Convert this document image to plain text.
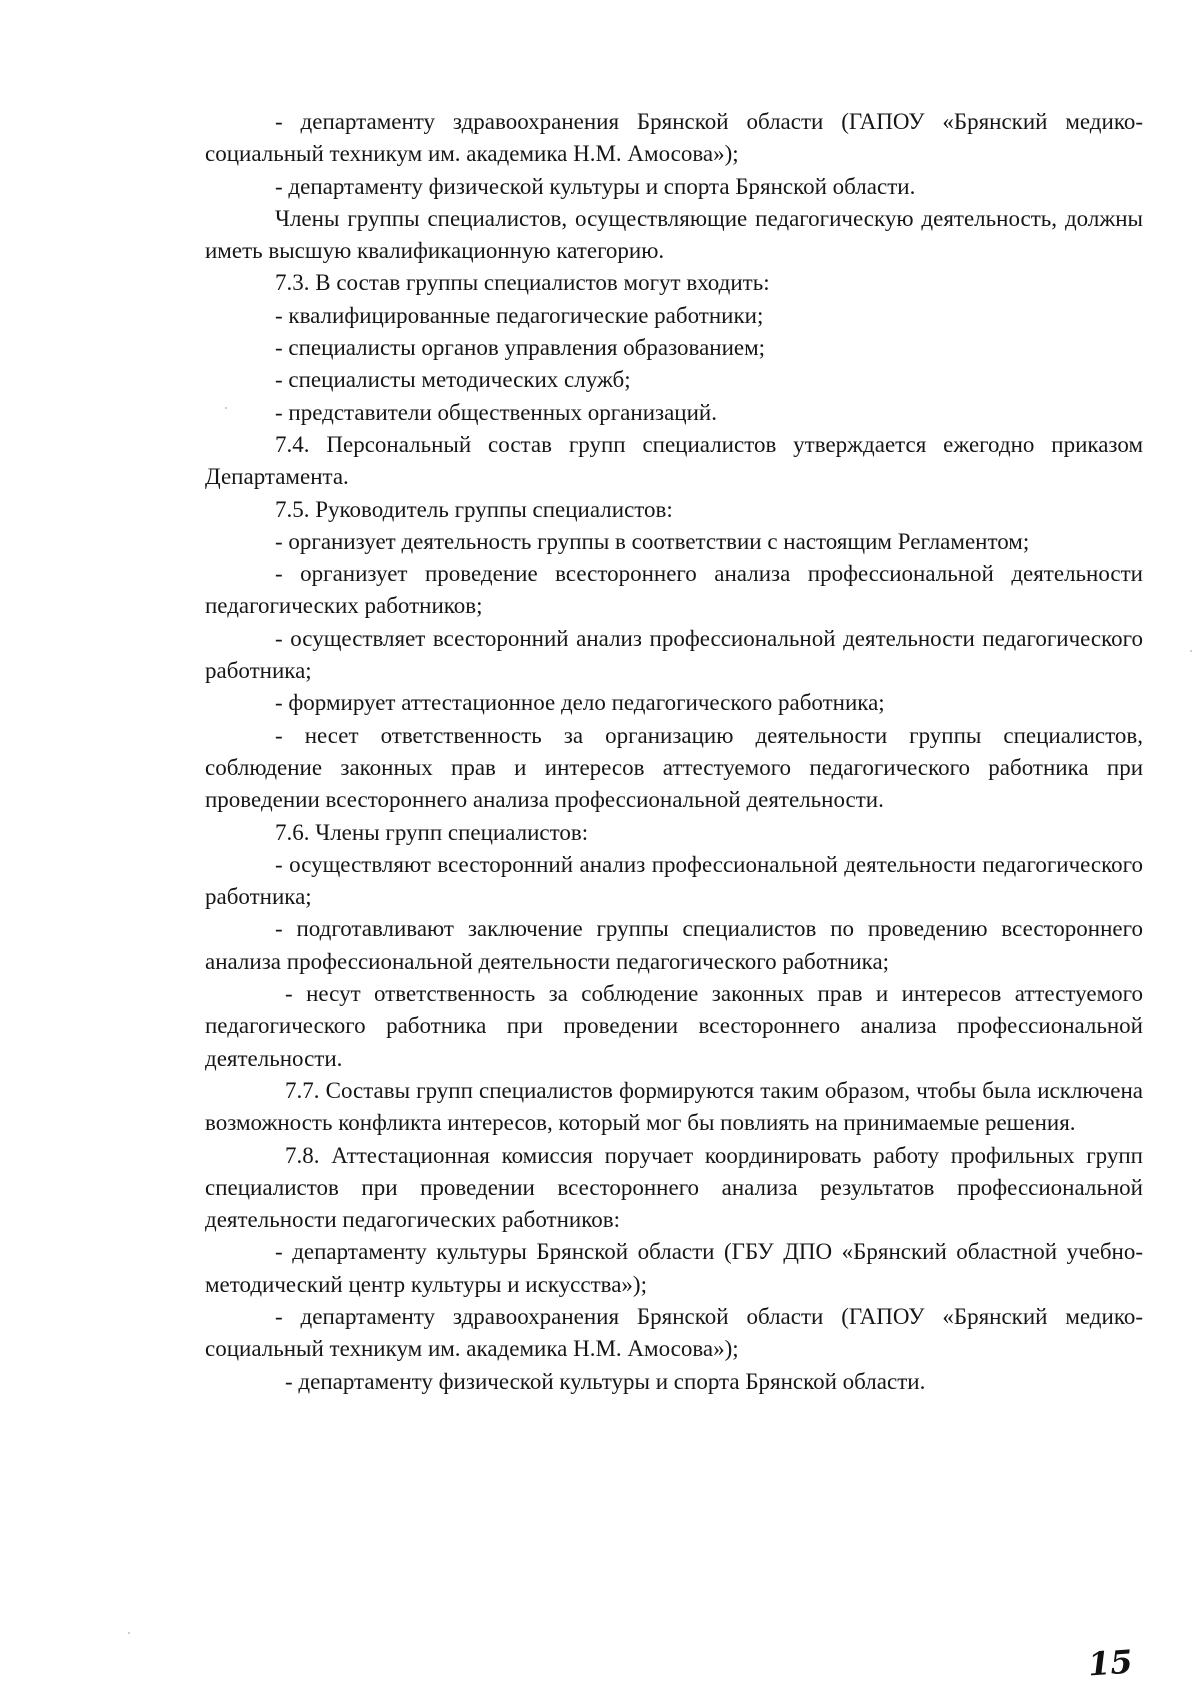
- департаменту здравоохранения Брянской области (ГАПОУ «Брянский медико-социальный техникум им. академика Н.М. Амосова»);

- департаменту физической культуры и спорта Брянской области.

Члены группы специалистов, осуществляющие педагогическую деятельность, должны иметь высшую квалификационную категорию.

7.3. В состав группы специалистов могут входить:

- квалифицированные педагогические работники;

- специалисты органов управления образованием;

- специалисты методических служб;

- представители общественных организаций.

7.4. Персональный состав групп специалистов утверждается ежегодно приказом Департамента.

7.5. Руководитель группы специалистов:

- организует деятельность группы в соответствии с настоящим Регламентом;

- организует проведение всестороннего анализа профессиональной деятельности педагогических работников;

- осуществляет всесторонний анализ профессиональной деятельности педагогического работника;

- формирует аттестационное дело педагогического работника;

- несет ответственность за организацию деятельности группы специалистов, соблюдение законных прав и интересов аттестуемого педагогического работника при проведении всестороннего анализа профессиональной деятельности.

7.6. Члены групп специалистов:

- осуществляют всесторонний анализ профессиональной деятельности педагогического работника;

- подготавливают заключение группы специалистов по проведению всестороннего анализа профессиональной деятельности педагогического работника;

- несут ответственность за соблюдение законных прав и интересов аттестуемого педагогического работника при проведении всестороннего анализа профессиональной деятельности.

7.7. Составы групп специалистов формируются таким образом, чтобы была исключена возможность конфликта интересов, который мог бы повлиять на принимаемые решения.

7.8. Аттестационная комиссия поручает координировать работу профильных групп специалистов при проведении всестороннего анализа результатов профессиональной деятельности педагогических работников:

- департаменту культуры Брянской области (ГБУ ДПО «Брянский областной учебно-методический центр культуры и искусства»);

- департаменту здравоохранения Брянской области (ГАПОУ «Брянский медико-социальный техникум им. академика Н.М. Амосова»);

- департаменту физической культуры и спорта Брянской области.

15
